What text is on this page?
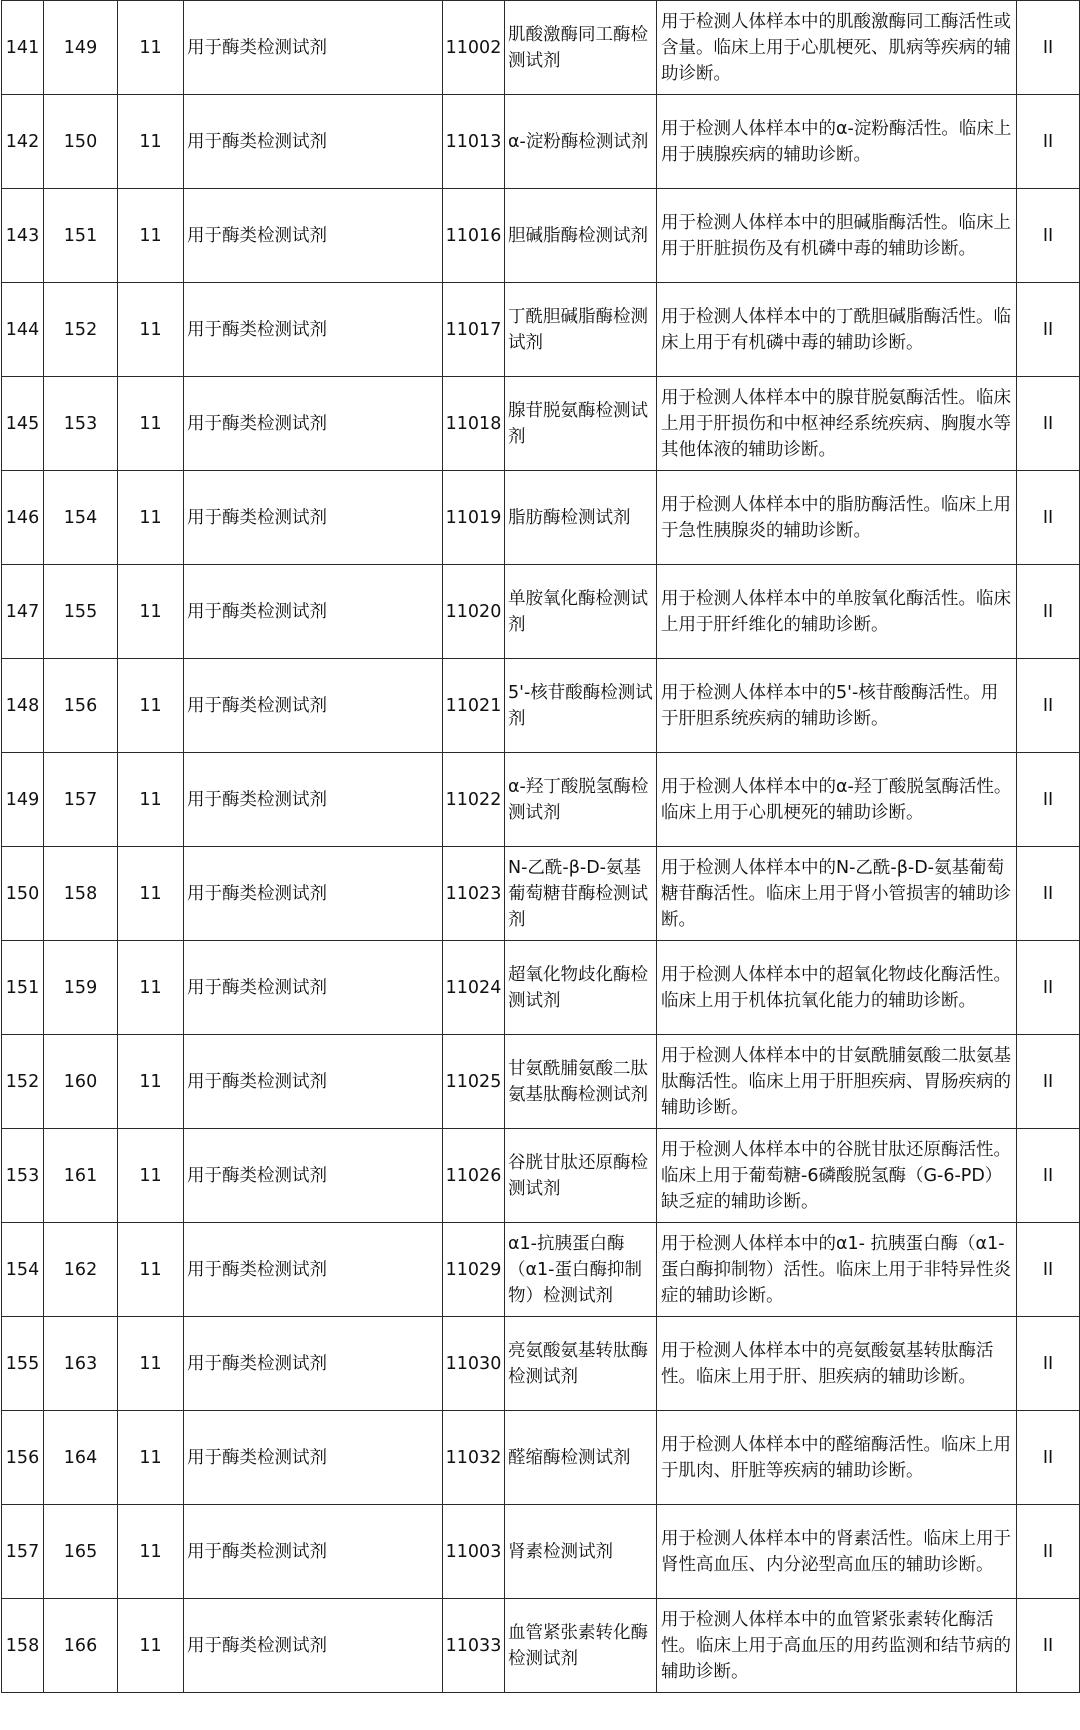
141	149	11	用于酶类检测试剂	11002	肌酸激酶同工酶检测试剂	用于检测人体样本中的肌酸激酶同工酶活性或含量。临床上用于心肌梗死、肌病等疾病的辅助诊断。	II
142	150	11	用于酶类检测试剂	11013	α-淀粉酶检测试剂	用于检测人体样本中的α-淀粉酶活性。临床上用于胰腺疾病的辅助诊断。	II
143	151	11	用于酶类检测试剂	11016	胆碱脂酶检测试剂	用于检测人体样本中的胆碱脂酶活性。临床上用于肝脏损伤及有机磷中毒的辅助诊断。	II
144	152	11	用于酶类检测试剂	11017	丁酰胆碱脂酶检测试剂	用于检测人体样本中的丁酰胆碱脂酶活性。临床上用于有机磷中毒的辅助诊断。	II
145	153	11	用于酶类检测试剂	11018	腺苷脱氨酶检测试剂	用于检测人体样本中的腺苷脱氨酶活性。临床上用于肝损伤和中枢神经系统疾病、胸腹水等其他体液的辅助诊断。	II
146	154	11	用于酶类检测试剂	11019	脂肪酶检测试剂	用于检测人体样本中的脂肪酶活性。临床上用于急性胰腺炎的辅助诊断。	II
147	155	11	用于酶类检测试剂	11020	单胺氧化酶检测试剂	用于检测人体样本中的单胺氧化酶活性。临床上用于肝纤维化的辅助诊断。	II
148	156	11	用于酶类检测试剂	11021	5'-核苷酸酶检测试剂	用于检测人体样本中的5'-核苷酸酶活性。用于肝胆系统疾病的辅助诊断。	II
149	157	11	用于酶类检测试剂	11022	α-羟丁酸脱氢酶检测试剂	用于检测人体样本中的α-羟丁酸脱氢酶活性。临床上用于心肌梗死的辅助诊断。	II
150	158	11	用于酶类检测试剂	11023	N-乙酰-β-D-氨基葡萄糖苷酶检测试剂	用于检测人体样本中的N-乙酰-β-D-氨基葡萄糖苷酶活性。临床上用于肾小管损害的辅助诊断。	II
151	159	11	用于酶类检测试剂	11024	超氧化物歧化酶检测试剂	用于检测人体样本中的超氧化物歧化酶活性。临床上用于机体抗氧化能力的辅助诊断。	II
152	160	11	用于酶类检测试剂	11025	甘氨酰脯氨酸二肽氨基肽酶检测试剂	用于检测人体样本中的甘氨酰脯氨酸二肽氨基肽酶活性。临床上用于肝胆疾病、胃肠疾病的辅助诊断。	II
153	161	11	用于酶类检测试剂	11026	谷胱甘肽还原酶检测试剂	用于检测人体样本中的谷胱甘肽还原酶活性。临床上用于葡萄糖-6磷酸脱氢酶（G-6-PD）缺乏症的辅助诊断。	II
154	162	11	用于酶类检测试剂	11029	α1-抗胰蛋白酶（α1-蛋白酶抑制物）检测试剂	用于检测人体样本中的α1- 抗胰蛋白酶（α1- 蛋白酶抑制物）活性。临床上用于非特异性炎症的辅助诊断。	II
155	163	11	用于酶类检测试剂	11030	亮氨酸氨基转肽酶检测试剂	用于检测人体样本中的亮氨酸氨基转肽酶活性。临床上用于肝、胆疾病的辅助诊断。	II
156	164	11	用于酶类检测试剂	11032	醛缩酶检测试剂	用于检测人体样本中的醛缩酶活性。临床上用于肌肉、肝脏等疾病的辅助诊断。	II
157	165	11	用于酶类检测试剂	11003	肾素检测试剂	用于检测人体样本中的肾素活性。临床上用于肾性高血压、内分泌型高血压的辅助诊断。	II
158	166	11	用于酶类检测试剂	11033	血管紧张素转化酶检测试剂	用于检测人体样本中的血管紧张素转化酶活性。临床上用于高血压的用药监测和结节病的辅助诊断。	II
